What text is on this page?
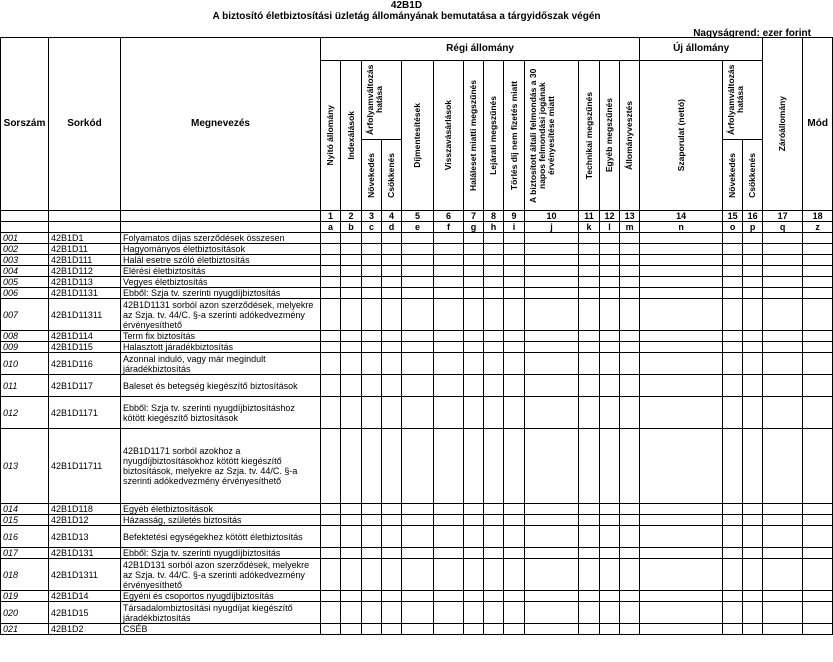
42B1D
A biztosító életbiztosítási üzletág állományának bemutatása a tárgyidőszak végén
Nagyságrend: ezer forint
Sorszám	Sorkód	Megnevezés	Régi állomány													Új állomány			Záróállomány	Mód

			Nyitó állomány	Indexálások	Árfolyamváltozás hatása		Díjmentesítések	Visszavásárlások	Haláleset miatti megszűnés	Lejárati megszűnés	Törlés díj nem fizetés miatt	A biztosított általi felmondás a 30 napos felmondási jogának érvényesítése miatt	Technikai megszűnés	Egyéb megszűnés	Állományvesztés	Szaporulat (nettó)	Árfolyamváltozás hatása			

					Növekedés	Csökkenés											Növekedés	Csökkenés		

			1	2	3	4	5	6	7	8	9	10	11	12	13	14	15	16	17	18
			a	b	c	d	e	f	g	h	i	j	k	l	m	n	o	p	q	z
001	42B1D1	Folyamatos díjas szerződések összesen																		
002	42B1D11	Hagyományos életbiztosítások																		
003	42B1D111	Halál esetre szóló életbiztosítás																		
004	42B1D112	Elérési életbiztosítás																		
005	42B1D113	Vegyes életbiztosítás																		
006	42B1D1131	Ebből: Szja tv. szerinti nyugdíjbiztosítás																		
007	42B1D11311	42B1D1131 sorból azon szerződések, melyekre az Szja. tv. 44/C. §-a szerinti adókedvezmény érvényesíthető																		
008	42B1D114	Term fix biztosítás																		
009	42B1D115	Halasztott járadékbiztosítás																		
010	42B1D116	Azonnal induló, vagy már megindult járadékbiztosítás																		
011	42B1D117	Baleset és betegség kiegészítő biztosítások																		
012	42B1D1171	Ebből: Szja tv. szerinti nyugdíjbiztosításhoz kötött kiegészítő biztosítások																		
013	42B1D11711	42B1D1171 sorból azokhoz a nyugdíjbiztosításokhoz kötött kiegészítő biztosítások, melyekre az Szja. tv. 44/C. §-a szerinti adókedvezmény érvényesíthető																		
014	42B1D118	Egyéb életbiztosítások																		
015	42B1D12	Házasság, születés biztosítás																		
016	42B1D13	Befektetési egységekhez kötött életbiztosítás																		
017	42B1D131	Ebből: Szja tv. szerinti nyugdíjbiztosítás																		
018	42B1D1311	42B1D131 sorból azon szerződések, melyekre az Szja. tv. 44/C. §-a szerinti adókedvezmény érvényesíthető																		
019	42B1D14	Egyéni és csoportos nyugdíjbiztosítás																		
020	42B1D15	Társadalombiztosítási nyugdíjat kiegészítő járadékbiztosítás																		
021	42B1D2	CSÉB																		
